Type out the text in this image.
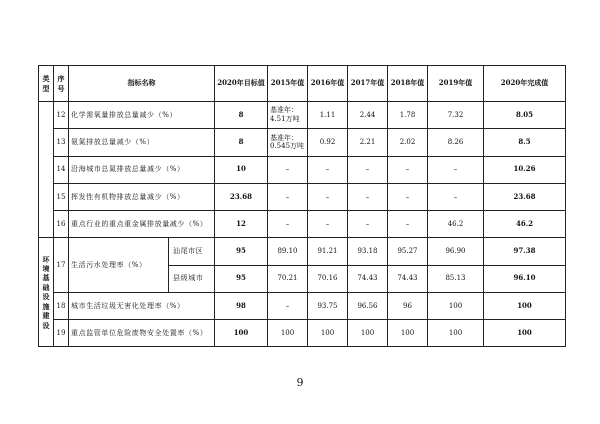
类型	序号	指标名称		2020年目标值	2015年值	2016年值	2017年值	2018年值	2019年值	2020年完成值	
	12	化学需氧量排放总量减少（%）		8	基准年：4.51万吨	1.11	2.44	1.78	7.32	8.05	
	13	氨氮排放总量减少（%）		8	基准年：0.545万吨	0.92	2.21	2.02	8.26	8.5	
	14	沿海城市总氮排放总量减少（%）		10	–	–	–	–	–	10.26	
	15	挥发性有机物排放总量减少（%）		23.68	–	–	–	–	–	23.68	
	16	重点行业的重点重金属排放量减少（%）		12	–	–	–	–	46.2	46.2	
环境基础设施建设	17	生活污水处理率（%）	汕尾市区	95	89.10	91.21	93.18	95.27	96.90	97.38	
			县级城市	95	70.21	70.16	74.43	74.43	85.13	96.10	
	18	城市生活垃圾无害化处理率（%）		98	–	93.75	96.56	96	100	100	
	19	重点监管单位危险废物安全处置率（%）		100	100	100	100	100	100	100	
9
